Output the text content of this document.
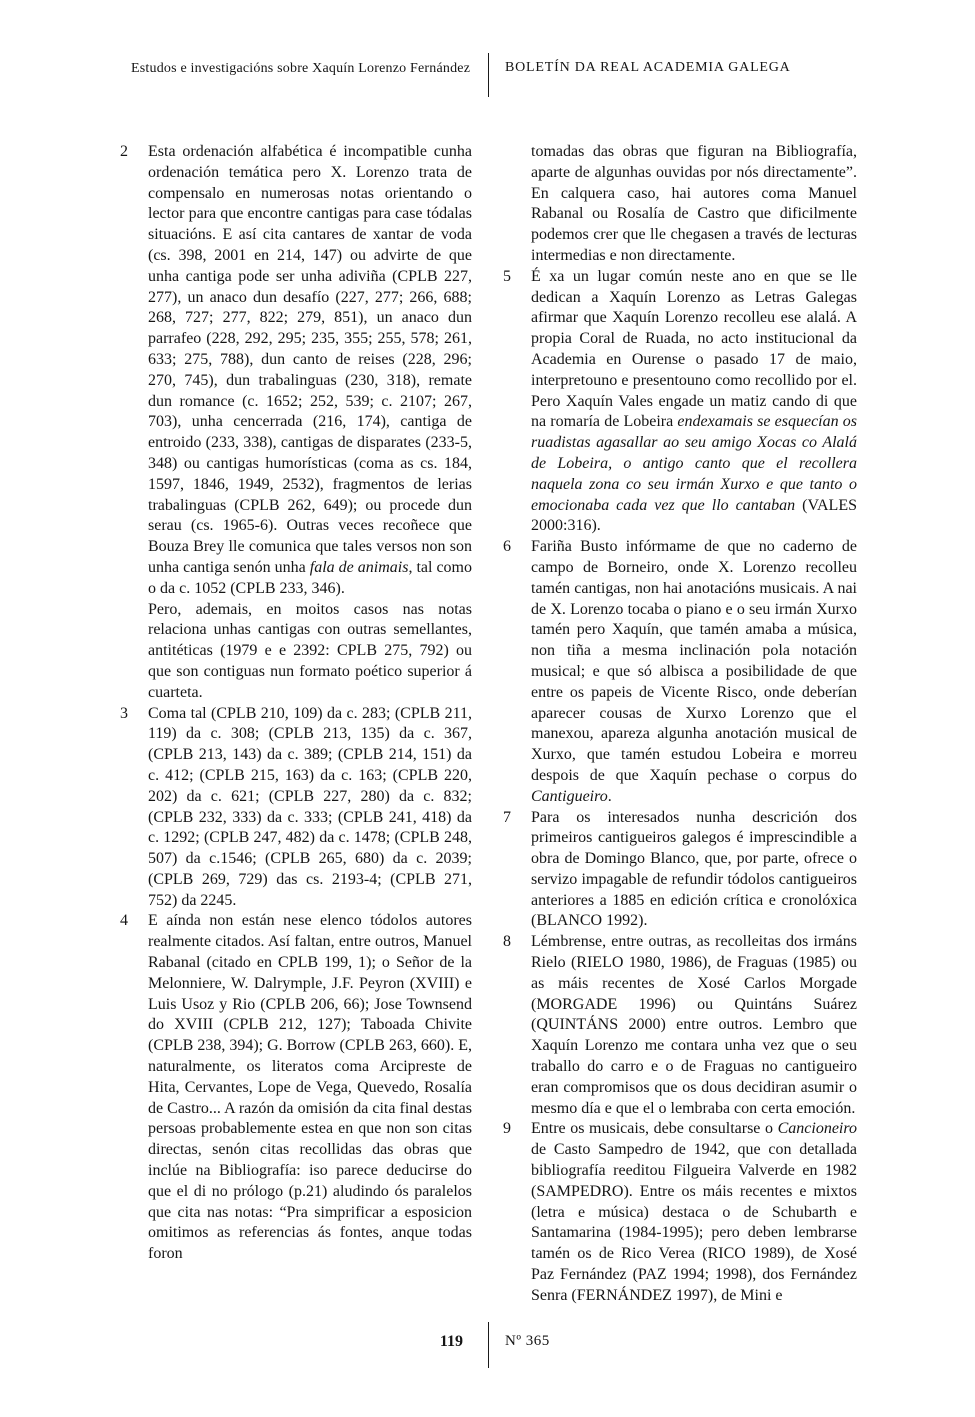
Estudos e investigacións sobre Xaquín Lorenzo Fernández	BOLETÍN DA REAL ACADEMIA GALEGA
2	Esta ordenación alfabética é incompatible cunha ordenación temática pero X. Lorenzo trata de compensalo en numerosas notas orientando o lector para que encontre cantigas para case tódalas situacións. E así cita cantares de xantar de voda (cs. 398, 2001 en 214, 147) ou advirte de que unha cantiga pode ser unha adiviña (CPLB 227, 277), un anaco dun desafío (227, 277; 266, 688; 268, 727; 277, 822; 279, 851), un anaco dun parrafeo (228, 292, 295; 235, 355; 255, 578; 261, 633; 275, 788), dun canto de reises (228, 296; 270, 745), dun trabalinguas (230, 318), remate dun romance (c. 1652; 252, 539; c. 2107; 267, 703), unha cencerrada (216, 174), cantiga de entroido (233, 338), cantigas de disparates (233-5, 348) ou cantigas humorísticas (coma as cs. 184, 1597, 1846, 1949, 2532), fragmentos de lerias trabalinguas (CPLB 262, 649); ou procede dun serau (cs. 1965-6). Outras veces recoñece que Bouza Brey lle comunica que tales versos non son unha cantiga senón unha fala de animais, tal como o da c. 1052 (CPLB 233, 346).

Pero, ademais, en moitos casos nas notas relaciona unhas cantigas con outras semellantes, antitéticas (1979 e e 2392: CPLB 275, 792) ou que son contiguas nun formato poético superior á cuarteta.

3	Coma tal (CPLB 210, 109) da c. 283; (CPLB 211, 119) da c. 308; (CPLB 213, 135) da c. 367, (CPLB 213, 143) da c. 389; (CPLB 214, 151) da c. 412; (CPLB 215, 163) da c. 163; (CPLB 220, 202) da c. 621; (CPLB 227, 280) da c. 832; (CPLB 232, 333) da c. 333; (CPLB 241, 418) da c. 1292; (CPLB 247, 482) da c. 1478; (CPLB 248, 507) da c.1546; (CPLB 265, 680) da c. 2039; (CPLB 269, 729) das cs. 2193-4; (CPLB 271, 752) da 2245.

4	E aínda non están nese elenco tódolos autores realmente citados. Así faltan, entre outros, Manuel Rabanal (citado en CPLB 199, 1); o Señor de la Melonniere, W. Dalrymple, J.F. Peyron (XVIII) e Luis Usoz y Rio (CPLB 206, 66); Jose Townsend do XVIII (CPLB 212, 127); Taboada Chivite (CPLB 238, 394); G. Borrow (CPLB 263, 660). E, naturalmente, os literatos coma Arcipreste de Hita, Cervantes, Lope de Vega, Quevedo, Rosalía de Castro... A razón da omisión da cita final destas persoas probablemente estea en que non son citas directas, senón citas recollidas das obras que inclúe na Bibliografía: iso parece deducirse do que el di no prólogo (p.21) aludindo ós paralelos que cita nas notas: “Pra simprificar a esposicion omitimos as referencias ás fontes, anque todas foron

tomadas das obras que figuran na Bibliografía, aparte de algunhas ouvidas por nós directamente”. En calquera caso, hai autores coma Manuel Rabanal ou Rosalía de Castro que dificilmente podemos crer que lle chegasen a través de lecturas intermedias e non directamente.

5	É xa un lugar común neste ano en que se lle dedican a Xaquín Lorenzo as Letras Galegas afirmar que Xaquín Lorenzo recolleu ese alalá. A propia Coral de Ruada, no acto institucional da Academia en Ourense o pasado 17 de maio, interpretouno e presentouno como recollido por el. Pero Xaquín Vales engade un matiz cando di que na romaría de Lobeira endexamais se esquecían os ruadistas agasallar ao seu amigo Xocas co Alalá de Lobeira, o antigo canto que el recollera naquela zona co seu irmán Xurxo e que tanto o emocionaba cada vez que llo cantaban (VALES 2000:316).

6	Fariña Busto infórmame de que no caderno de campo de Borneiro, onde X. Lorenzo recolleu tamén cantigas, non hai anotacións musicais. A nai de X. Lorenzo tocaba o piano e o seu irmán Xurxo tamén pero Xaquín, que tamén amaba a música, non tiña a mesma inclinación pola notación musical; e que só albisca a posibilidade de que entre os papeis de Vicente Risco, onde deberían aparecer cousas de Xurxo Lorenzo que el manexou, apareza algunha anotación musical de Xurxo, que tamén estudou Lobeira e morreu despois de que Xaquín pechase o corpus do Cantigueiro.

7	Para os interesados nunha descrición dos primeiros cantigueiros galegos é imprescindible a obra de Domingo Blanco, que, por parte, ofrece o servizo impagable de refundir tódolos cantigueiros anteriores a 1885 en edición crítica e cronolóxica (BLANCO 1992).

8	Lémbrense, entre outras, as recolleitas dos irmáns Rielo (RIELO 1980, 1986), de Fraguas (1985) ou as máis recentes de Xosé Carlos Morgade (MORGADE 1996) ou Quintáns Suárez (QUINTÁNS 2000) entre outros. Lembro que Xaquín Lorenzo me contara unha vez que o seu traballo do carro e o de Fraguas no cantigueiro eran compromisos que os dous decidiran asumir o mesmo día e que el o lembraba con certa emoción.

9	Entre os musicais, debe consultarse o Cancioneiro de Casto Sampedro de 1942, que con detallada bibliografía reeditou Filgueira Valverde en 1982 (SAMPEDRO). Entre os máis recentes e mixtos (letra e música) destaca o de Schubarth e Santamarina (1984-1995); pero deben lembrarse tamén os de Rico Verea (RICO 1989), de Xosé Paz Fernández (PAZ 1994; 1998), dos Fernández Senra (FERNÁNDEZ 1997), de Mini e

119	Nº 365
